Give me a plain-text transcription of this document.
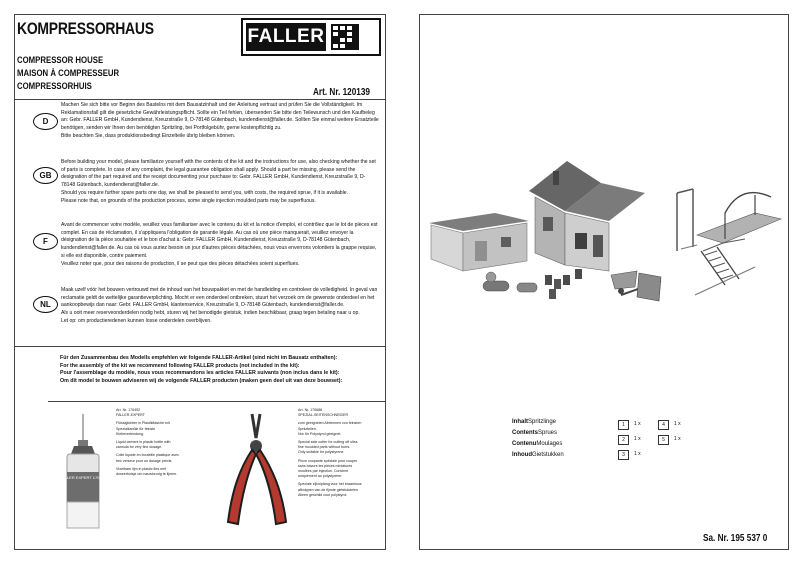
KOMPRESSORHAUS
COMPRESSOR HOUSE
MAISON À COMPRESSEUR
COMPRESSORHUIS
FALLER
Art. Nr. 120139
D

Machen Sie sich bitte vor Beginn des Bastelns mit dem Bausatzinhalt und der Anleitung vertraut und prüfen Sie die Vollständigkeit. Im Reklamationsfall gilt die gesetzliche Gewährleistungspflicht. Sollte ein Teil fehlen, übersenden Sie bitte den Teilewunsch und den Kaufbeleg an: Gebr. FALLER GmbH, Kundendienst, Kreuzstraße 9, D-78148 Gütenbach, kundendienst@faller.de. Sollten Sie einmal weitere Ersatzteile benötigen, senden wir Ihnen den benötigten Spritzling, bei Portfolgebühr, gerne kostenpflichtig zu.

Bitte beachten Sie, dass produktionsbedingt Einzelteile übrig bleiben können.

GB

Before building your model, please familiarize yourself with the contents of the kit and the instructions for use, also checking whether the set of parts is complete. In case of any complaint, the legal guarantee obligation shall apply. Should a part be missing, please send the designation of the part required and the receipt documenting your purchase to: Gebr. FALLER GmbH, Kundendienst, Kreuzstraße 9, D-78148 Gütenbach, kundendienst@faller.de.

Should you require further spare parts one day, we shall be pleased to send you, with costs, the required sprue, if it is available.

Please note that, on grounds of the production process, some single injection moulded parts may be superfluous.

F

Avant de commencer votre modèle, veuillez vous familiariser avec le contenu du kit et la notice d'emploi, et contrôlez que le lot de pièces est complet. En cas de réclamation, il s'appliquera l'obligation de garantie légale. Au cas où une pièce manquerait, veuillez envoyer la désignation de la pièce souhaitée et le bon d'achat à: Gebr. FALLER GmbH, Kundendienst, Kreuzstraße 9, D-78148 Gütenbach, kundendienst@faller.de. Au cas où vous auriez besoin un jour d'autres pièces détachées, nous vous enverrons volontiers la grappe requise, si elle est disponible, contre paiement.

Veuillez noter que, pour des raisons de production, il se peut que des pièces détachées soient superflues.

NL

Maak uzelf vóór het bouwen vertrouwd met de inhoud van het bouwpakket en met de handleiding en controleer de volledigheid. In geval van reclamatie geldt de wettelijke garantieverplichting. Mocht er een onderdeel ontbreken, stuurt het verzoek om de gewenste onderdeel en het aankoopbewijs dan naar: Gebr. FALLER GmbH, klantenservice, Kreuzstraße 9, D-78148 Gütenbach, kundendienst@faller.de.

Als u ooit meer reserveonderdelen nodig hebt, sturen wij het benodigde gietstuk, indien beschikbaar, graag tegen betaling naar u op.

Let op: om productieredenen kunnen losse onderdelen overblijven.

Für den Zusammenbau des Modells empfehlen wir folgende FALLER-Artikel (sind nicht im Bausatz enthalten):

For the assembly of the kit we recommend following FALLER products (not included in the kit):

Pour l'assemblage du modèle, nous vous recommandons les articles FALLER suivants (non inclus dans le kit):

Om dit model te bouwen adviseren wij de volgende FALLER producten (maken geen deel uit van deze bouwset):

FALLER EXPERT 170492

Art. Nr. 170492
FALLER-EXPERT

Flüssigkleber in Plastikflasche mit Spezialkanüle für feinste Klebeverbindung.

Liquid cement in plastic bottle with cannula for very fine dosage.

Colle liquide en bouteille plastique avec bec verseur pour un dosage précis.

Vloeibare lijm in plastic fles met doseerbuisje om nauwkeurig te lijmen.

Art. Nr. 170688
SPEZIAL-SEITENSCHNEIDER

zum geeigneten Abtrennen von feinsten Spritzteilen.
Nur für Polystyrol geeignet.

Special side cutter for cutting off ultra-fine moulded parts without burrs.
Only suitable for polystyrene.

Pince coupante spéciale pour couper sans bavure les pièces miniatures moulées par injection. Convient uniquement au polystyrène.

Speciale zijkniptang voor het braamloos afknippen van de fijnste gietstukdelen.
Alleen geschikt voor polystyrol.

InhaltSpritzlinge
ContentsSprues
ContenuMoulages
InhoudGietstukken
1	1 x	4	1 x
2	1 x	5	1 x
3	1 x
Sa. Nr. 195 537 0
